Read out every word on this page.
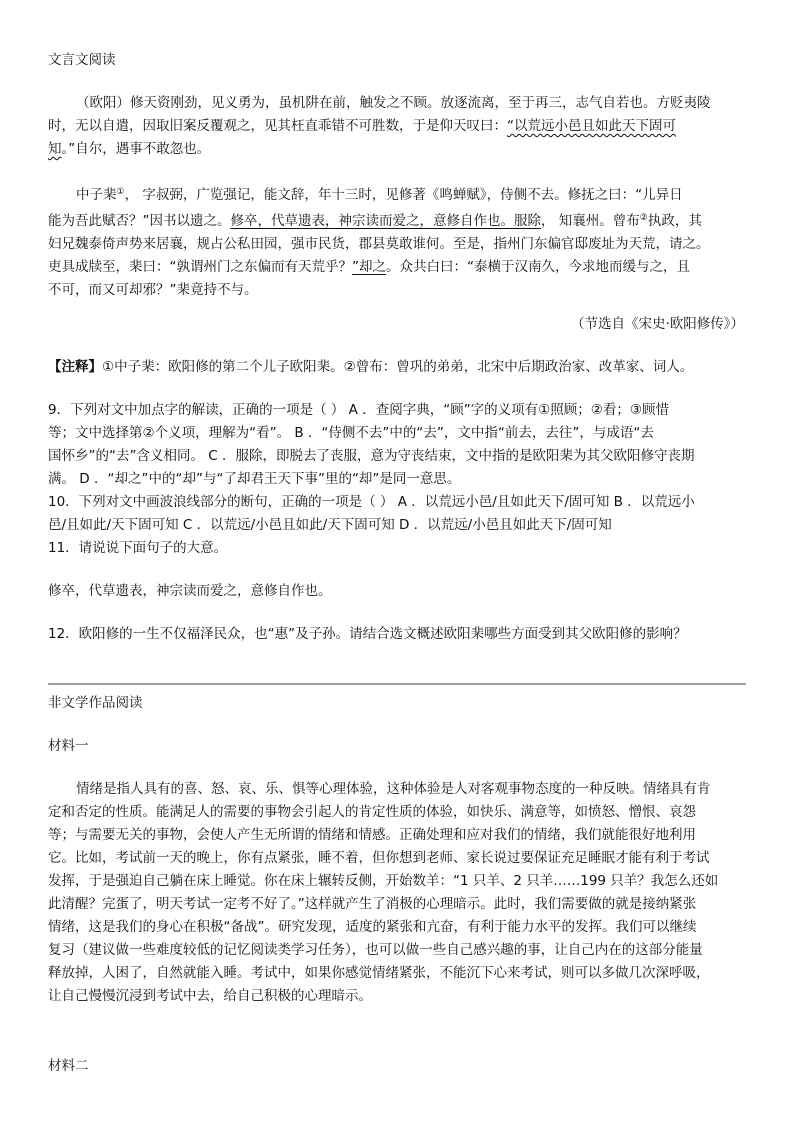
文言文阅读
（欧阳）修天资刚劲，见义勇为，虽机阱在前，触发之不顾。放逐流离，至于再三，志气自若也。方贬夷陵
时，无以自遣，因取旧案反覆观之，见其枉直乖错不可胜数，于是仰天叹曰：“以荒远小邑且如此天下固可
知。”自尔，遇事不敢忽也。
中子棐①， 字叔弼，广览强记，能文辞，年十三时，见修著《鸣蝉赋》，侍侧不去。修抚之曰：“儿异日
能为吾此赋否？”因书以遗之。修卒，代草遗表，神宗读而爱之，意修自作也。服除， 知襄州。曾布②执政，其
妇兄魏泰倚声势来居襄，规占公私田园，强市民货，郡县莫敢谁何。至是，指州门东偏官邸废址为天荒，请之。
吏具成牍至，棐曰：“孰谓州门之东偏而有天荒乎？”却之。众共白曰：“泰横于汉南久，今求地而缓与之，且
不可，而又可却邪？”棐竟持不与。
（节选自《宋史·欧阳修传》）
【注释】①中子棐：欧阳修的第二个儿子欧阳棐。②曾布：曾巩的弟弟，北宋中后期政治家、改革家、词人。
9．下列对文中加点字的解读，正确的一项是（ ） A ．查阅字典，“顾”字的义项有①照顾；②看；③顾惜
等；文中选择第②个义项，理解为“看”。 B ．“侍侧不去”中的“去”，文中指“前去，去往”，与成语“去
国怀乡”的“去”含义相同。 C ．服除，即脱去了丧服，意为守丧结束，文中指的是欧阳棐为其父欧阳修守丧期
满。 D ．“却之”中的“却”与“了却君王天下事”里的“却”是同一意思。
10．下列对文中画波浪线部分的断句，正确的一项是（ ） A ．以荒远小邑/且如此天下/固可知 B ．以荒远小
邑/且如此/天下固可知 C ．以荒远/小邑且如此/天下固可知 D ．以荒远/小邑且如此天下/固可知
11．请说说下面句子的大意。
修卒，代草遗表，神宗读而爱之，意修自作也。
12．欧阳修的一生不仅福泽民众，也“惠”及子孙。请结合选文概述欧阳棐哪些方面受到其父欧阳修的影响？
非文学作品阅读
材料一
情绪是指人具有的喜、怒、哀、乐、惧等心理体验，这种体验是人对客观事物态度的一种反映。情绪具有肯
定和否定的性质。能满足人的需要的事物会引起人的肯定性质的体验，如快乐、满意等，如愤怒、憎恨、哀怨
等；与需要无关的事物，会使人产生无所谓的情绪和情感。正确处理和应对我们的情绪，我们就能很好地利用
它。比如，考试前一天的晚上，你有点紧张，睡不着，但你想到老师、家长说过要保证充足睡眠才能有利于考试
发挥，于是强迫自己躺在床上睡觉。你在床上辗转反侧，开始数羊：“1 只羊、2 只羊……199 只羊？我怎么还如
此清醒？完蛋了，明天考试一定考不好了。”这样就产生了消极的心理暗示。此时，我们需要做的就是接纳紧张
情绪，这是我们的身心在积极“备战”。研究发现，适度的紧张和亢奋，有利于能力水平的发挥。我们可以继续
复习（建议做一些难度较低的记忆阅读类学习任务），也可以做一些自己感兴趣的事，让自己内在的这部分能量
释放掉，人困了，自然就能入睡。考试中，如果你感觉情绪紧张，不能沉下心来考试，则可以多做几次深呼吸，
让自己慢慢沉浸到考试中去，给自己积极的心理暗示。
材料二
